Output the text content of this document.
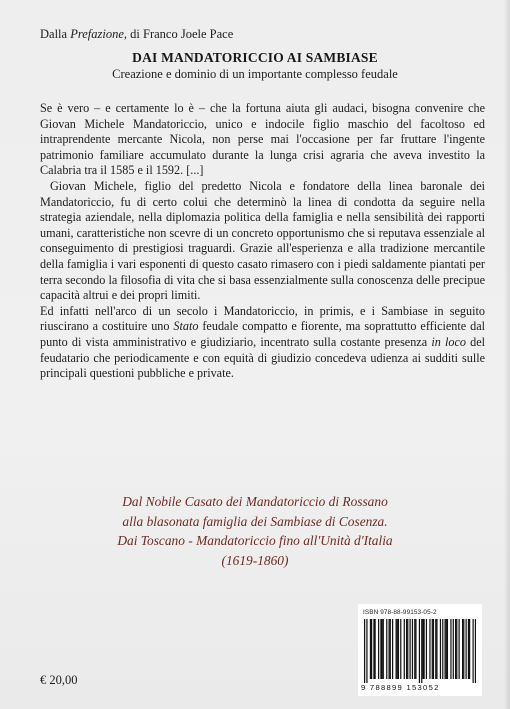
Dalla Prefazione, di Franco Joele Pace
DAI MANDATORICCIO AI SAMBIASE
Creazione e dominio di un importante complesso feudale

Se è vero – e certamente lo è – che la fortuna aiuta gli audaci, bisogna convenire che Giovan Michele Mandatoriccio, unico e indocile figlio maschio del facoltoso ed intraprendente mercante Nicola, non perse mai l'occasione per far fruttare l'ingente patrimonio familiare accumulato durante la lunga crisi agraria che aveva investito la Calabria tra il 1585 e il 1592. [...]

Giovan Michele, figlio del predetto Nicola e fondatore della linea baronale dei Mandatoriccio, fu di certo colui che determinò la linea di condotta da seguire nella strategia aziendale, nella diplomazia politica della famiglia e nella sensibilità dei rapporti umani, caratteristiche non scevre di un concreto opportunismo che si reputava essenziale al conseguimento di prestigiosi traguardi. Grazie all'esperienza e alla tradizione mercantile della famiglia i vari esponenti di questo casato rimasero con i piedi saldamente piantati per terra secondo la filosofia di vita che si basa essenzialmente sulla conoscenza delle precipue capacità altrui e dei propri limiti.

Ed infatti nell'arco di un secolo i Mandatoriccio, in primis, e i Sambiase in seguito riuscirano a costituire uno Stato feudale compatto e fiorente, ma soprattutto efficiente dal punto di vista amministrativo e giudiziario, incentrato sulla costante presenza in loco del feudatario che periodicamente e con equità di giudizio concedeva udienza ai sudditi sulle principali questioni pubbliche e private.

Dal Nobile Casato dei Mandatoriccio di Rossano
alla blasonata famiglia dei Sambiase di Cosenza.
Dai Toscano - Mandatoriccio fino all'Unità d'Italia
(1619-1860)
ISBN 978-88-99153-05-2
9 788899 153052
€ 20,00
